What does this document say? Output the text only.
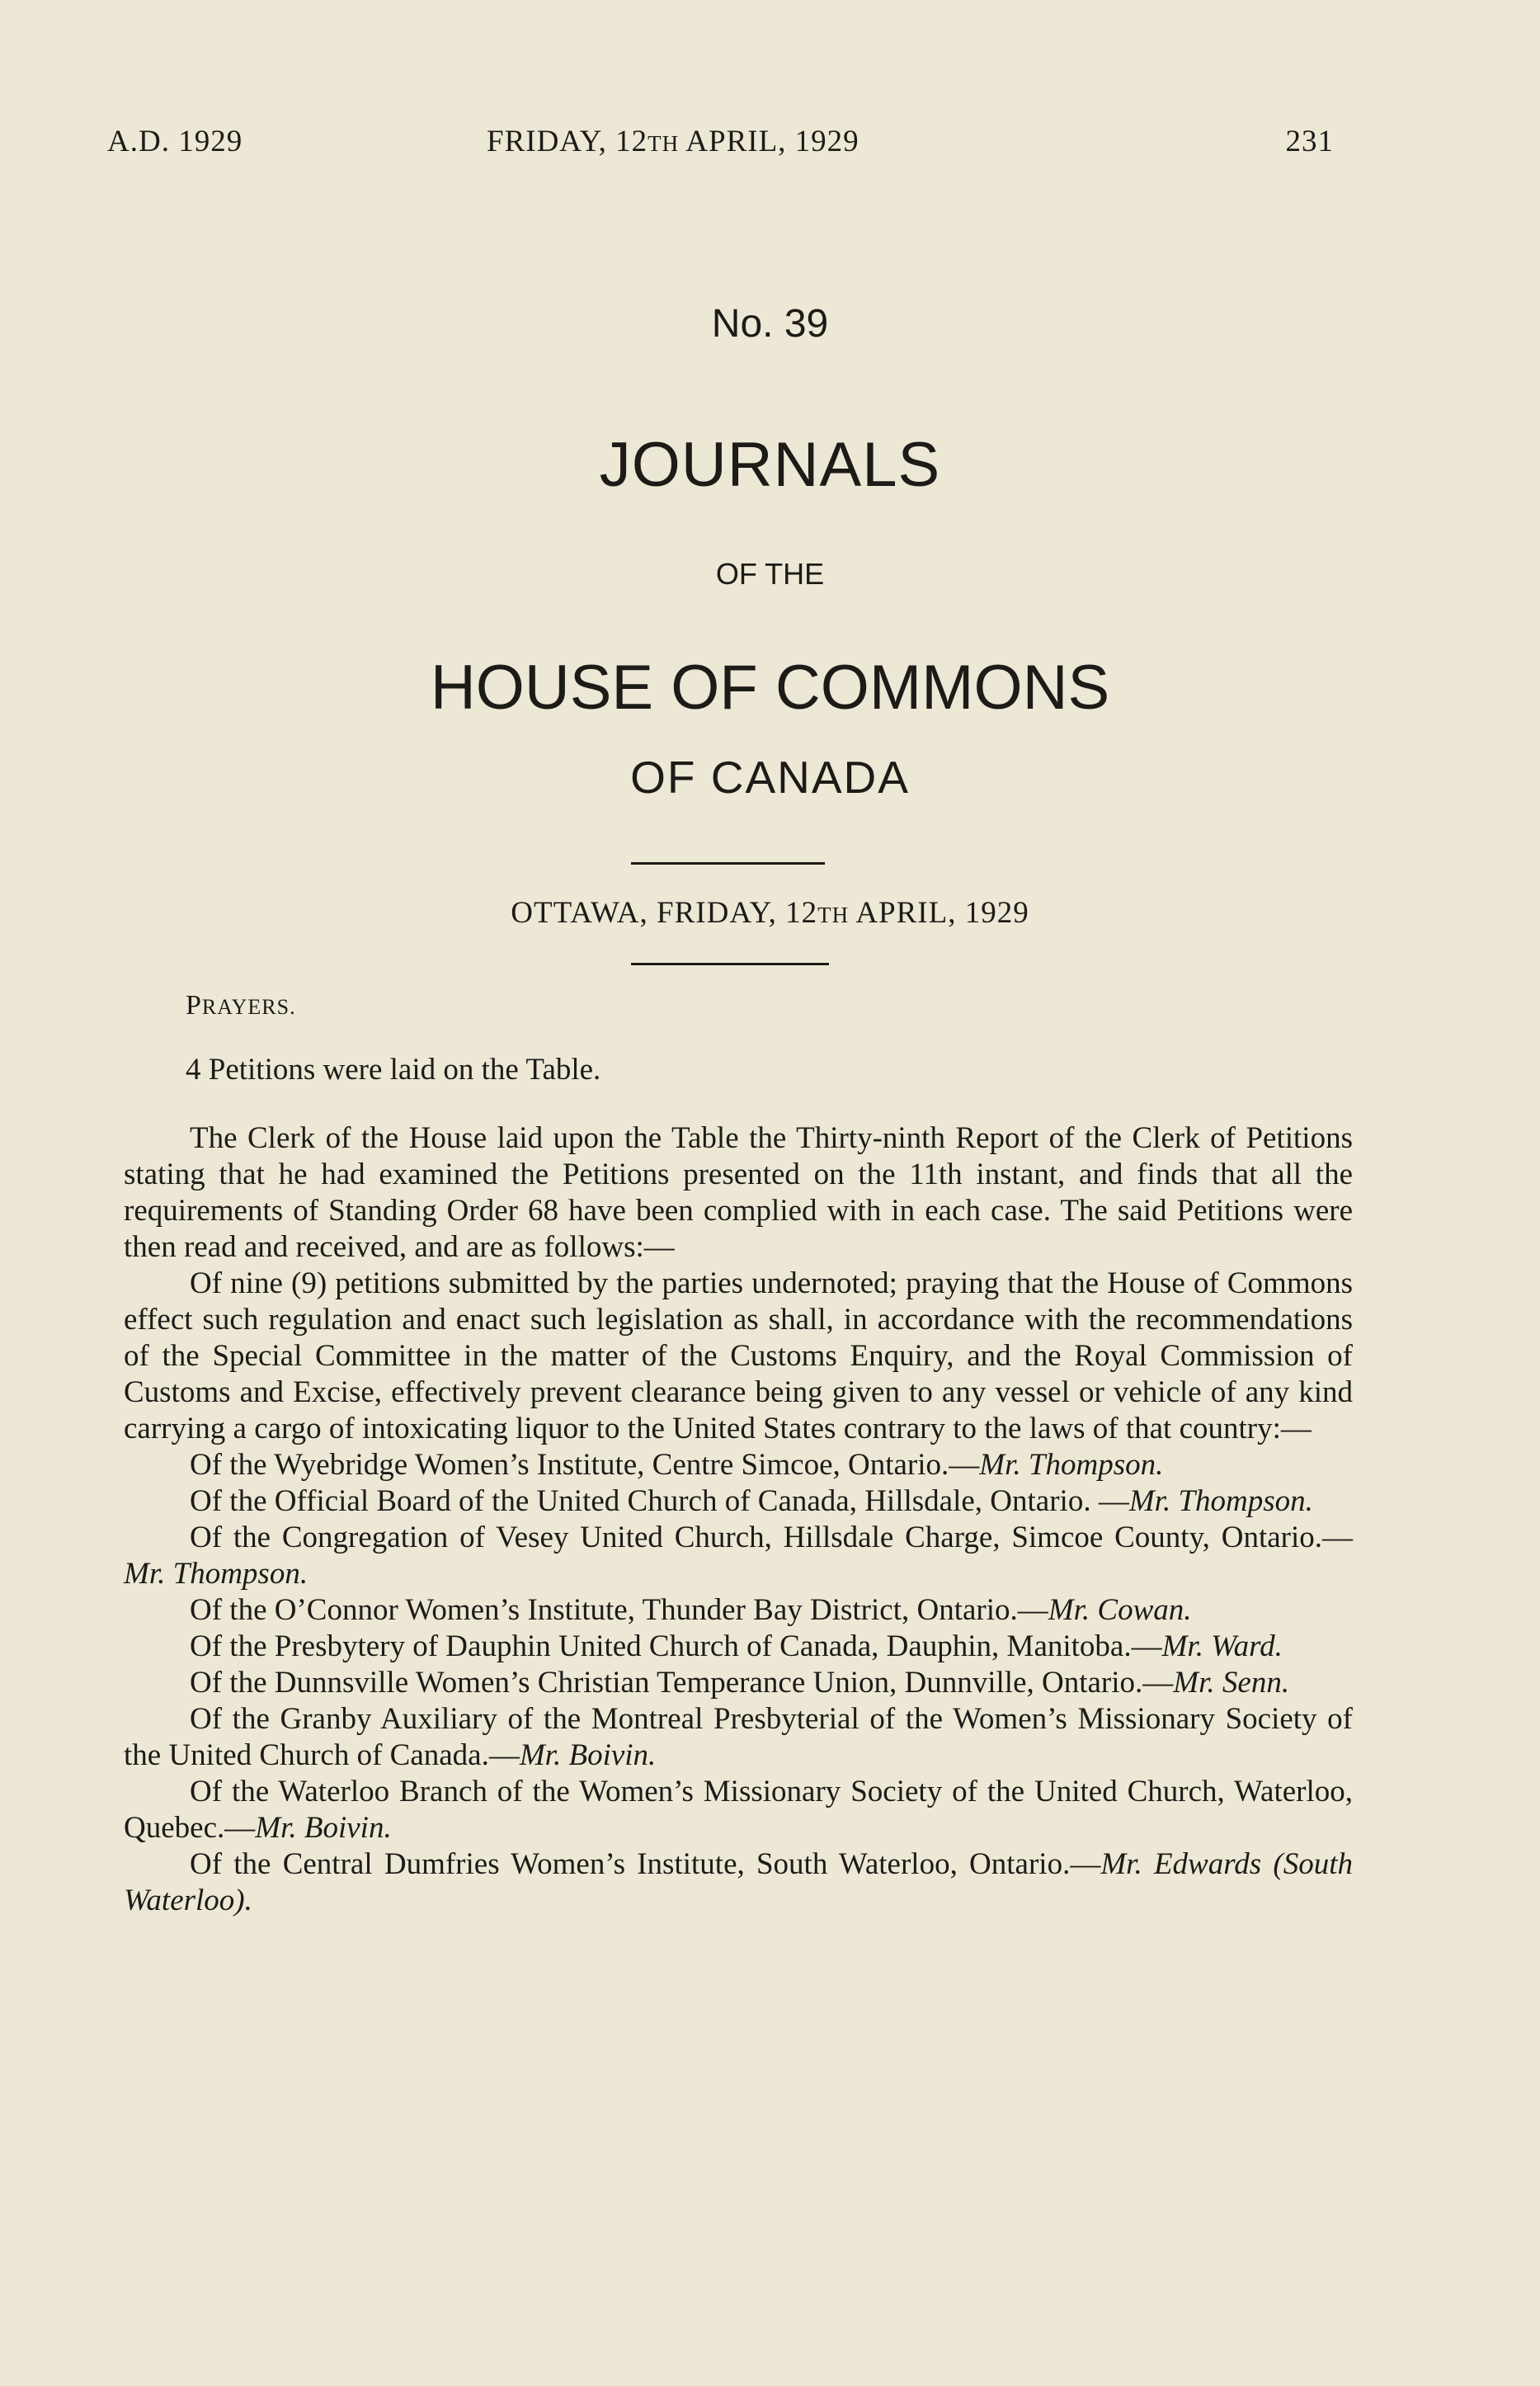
A.D. 1929	FRIDAY, 12TH APRIL, 1929	231
No. 39
JOURNALS
OF THE
HOUSE OF COMMONS
OF CANADA
OTTAWA, FRIDAY, 12TH APRIL, 1929
PRAYERS.
4 Petitions were laid on the Table.

The Clerk of the House laid upon the Table the Thirty-ninth Report of the Clerk of Petitions stating that he had examined the Petitions presented on the 11th instant, and finds that all the requirements of Standing Order 68 have been complied with in each case. The said Petitions were then read and received, and are as follows:—

Of nine (9) petitions submitted by the parties undernoted; praying that the House of Commons effect such regulation and enact such legislation as shall, in accordance with the recommendations of the Special Committee in the matter of the Customs Enquiry, and the Royal Commission of Customs and Excise, effectively prevent clearance being given to any vessel or vehicle of any kind carrying a cargo of intoxicating liquor to the United States contrary to the laws of that country:—

Of the Wyebridge Women’s Institute, Centre Simcoe, Ontario.—Mr. Thompson.

Of the Official Board of the United Church of Canada, Hillsdale, Ontario. —Mr. Thompson.

Of the Congregation of Vesey United Church, Hillsdale Charge, Simcoe County, Ontario.—Mr. Thompson.

Of the O’Connor Women’s Institute, Thunder Bay District, Ontario.—Mr. Cowan.

Of the Presbytery of Dauphin United Church of Canada, Dauphin, Manitoba.—Mr. Ward.

Of the Dunnsville Women’s Christian Temperance Union, Dunnville, Ontario.—Mr. Senn.

Of the Granby Auxiliary of the Montreal Presbyterial of the Women’s Missionary Society of the United Church of Canada.—Mr. Boivin.

Of the Waterloo Branch of the Women’s Missionary Society of the United Church, Waterloo, Quebec.—Mr. Boivin.

Of the Central Dumfries Women’s Institute, South Waterloo, Ontario.—Mr. Edwards (South Waterloo).
